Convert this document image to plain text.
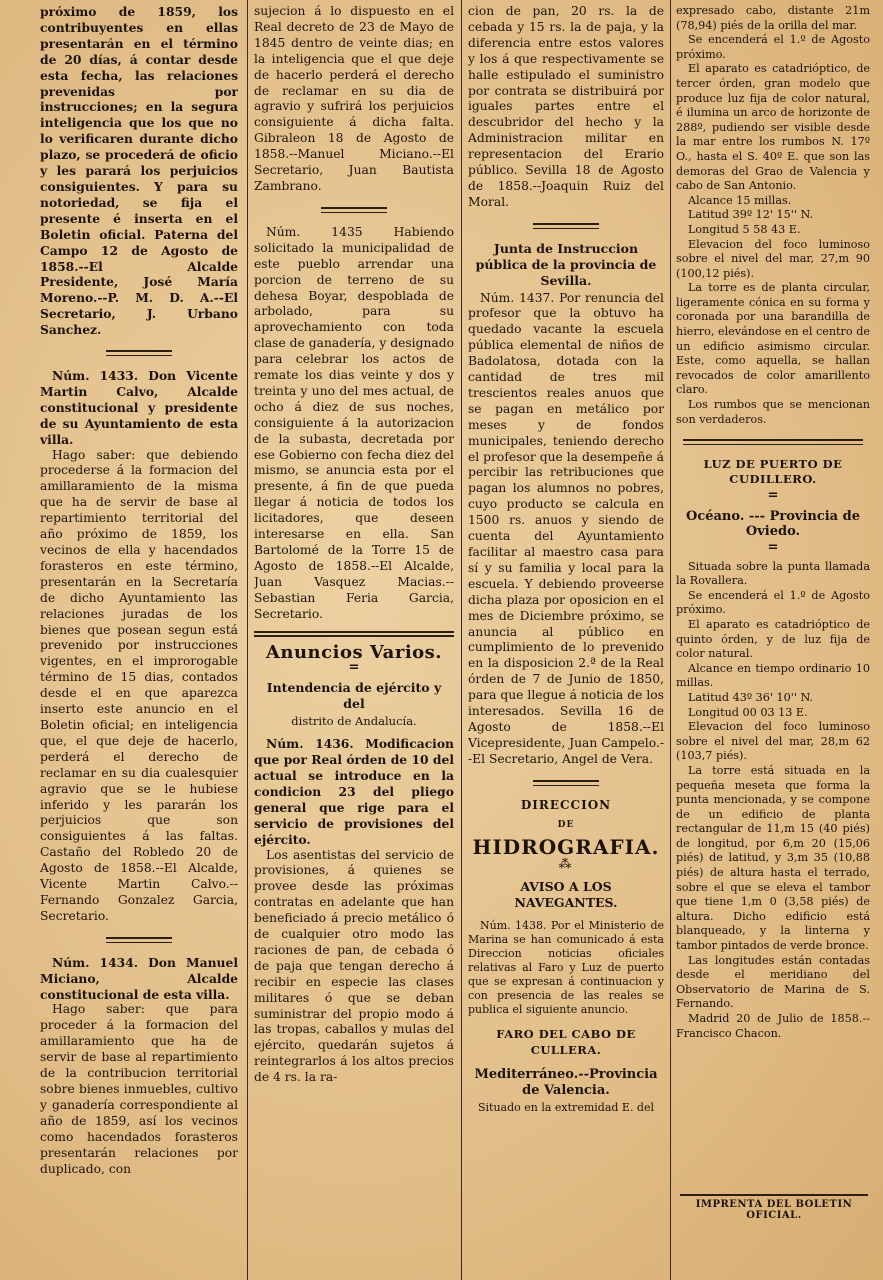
próximo de 1859, los contribuyentes en ellas presentarán en el término de 20 días, á contar desde esta fecha, las relaciones prevenidas por instrucciones; en la segura inteligencia que los que no lo verificaren durante dicho plazo, se procederá de oficio y les parará los perjuicios consiguientes. Y para su notoriedad, se fija el presente é inserta en el Boletin oficial. Paterna del Campo 12 de Agosto de 1858.--El Alcalde Presidente, José María Moreno.--P. M. D. A.--El Secretario, J. Urbano Sanchez.

Núm. 1433. Don Vicente Martin Calvo, Alcalde constitucional y presidente de su Ayuntamiento de esta villa.

Hago saber: que debiendo procederse á la formacion del amillaramiento de la misma que ha de servir de base al repartimiento territorial del año próximo de 1859, los vecinos de ella y hacendados forasteros en este término, presentarán en la Secretaría de dicho Ayuntamiento las relaciones juradas de los bienes que posean segun está prevenido por instrucciones vigentes, en el improrogable término de 15 dias, contados desde el en que aparezca inserto este anuncio en el Boletin oficial; en inteligencia que, el que deje de hacerlo, perderá el derecho de reclamar en su dia cualesquier agravio que se le hubiese inferido y les pararán los perjuicios que son consiguientes á las faltas. Castaño del Robledo 20 de Agosto de 1858.--El Alcalde, Vicente Martin Calvo.--Fernando Gonzalez Garcia, Secretario.

Núm. 1434. Don Manuel Miciano, Alcalde constitucional de esta villa.

Hago saber: que para proceder á la formacion del amillaramiento que ha de servir de base al repartimiento de la contribucion territorial sobre bienes inmuebles, cultivo y ganadería correspondiente al año de 1859, así los vecinos como hacendados forasteros presentarán relaciones por duplicado, con

sujecion á lo dispuesto en el Real decreto de 23 de Mayo de 1845 dentro de veinte dias; en la inteligencia que el que deje de hacerlo perderá el derecho de reclamar en su dia de agravio y sufrirá los perjuicios consiguiente á dicha falta. Gibraleon 18 de Agosto de 1858.--Manuel Miciano.--El Secretario, Juan Bautista Zambrano.

Núm. 1435 Habiendo solicitado la municipalidad de este pueblo arrendar una porcion de terreno de su dehesa Boyar, despoblada de arbolado, para su aprovechamiento con toda clase de ganadería, y designado para celebrar los actos de remate los dias veinte y dos y treinta y uno del mes actual, de ocho á diez de sus noches, consiguiente á la autorizacion de la subasta, decretada por ese Gobierno con fecha diez del mismo, se anuncia esta por el presente, á fin de que pueda llegar á noticia de todos los licitadores, que deseen interesarse en ella. San Bartolomé de la Torre 15 de Agosto de 1858.--El Alcalde, Juan Vasquez Macias.--Sebastian Feria Garcia, Secretario.

Anuncios Varios.
=
Intendencia de ejército y del
distrito de Andalucía.

Núm. 1436. Modificacion que por Real órden de 10 del actual se introduce en la condicion 23 del pliego general que rige para el servicio de provisiones del ejército.

Los asentistas del servicio de provisiones, á quienes se provee desde las próximas contratas en adelante que han beneficiado á precio metálico ó de cualquier otro modo las raciones de pan, de cebada ó de paja que tengan derecho á recibir en especie las clases militares ó que se deban suministrar del propio modo á las tropas, caballos y mulas del ejército, quedarán sujetos á reintegrarlos á los altos precios de 4 rs. la ra-

cion de pan, 20 rs. la de cebada y 15 rs. la de paja, y la diferencia entre estos valores y los á que respectivamente se halle estipulado el suministro por contrata se distribuirá por iguales partes entre el descubridor del hecho y la Administracion militar en representacion del Erario público. Sevilla 18 de Agosto de 1858.--Joaquin Ruiz del Moral.

Junta de Instruccion pública de la provincia de Sevilla.

Núm. 1437. Por renuncia del profesor que la obtuvo ha quedado vacante la escuela pública elemental de niños de Badolatosa, dotada con la cantidad de tres mil trescientos reales anuos que se pagan en metálico por meses y de fondos municipales, teniendo derecho el profesor que la desempeñe á percibir las retribuciones que pagan los alumnos no pobres, cuyo producto se calcula en 1500 rs. anuos y siendo de cuenta del Ayuntamiento facilitar al maestro casa para sí y su familia y local para la escuela. Y debiendo proveerse dicha plaza por oposicion en el mes de Diciembre próximo, se anuncia al público en cumplimiento de lo prevenido en la disposicion 2.ª de la Real órden de 7 de Junio de 1850, para que llegue á noticia de los interesados. Sevilla 16 de Agosto de 1858.--El Vicepresidente, Juan Campelo.--El Secretario, Angel de Vera.

DIRECCION
DE
HIDROGRAFIA.
⁂
AVISO A LOS NAVEGANTES.

Núm. 1438. Por el Ministerio de Marina se han comunicado á esta Direccion noticias oficiales relativas al Faro y Luz de puerto que se expresan á continuacion y con presencia de las reales se publica el siguiente anuncio.

FARO DEL CABO DE CULLERA.
Mediterráneo.--Provincia de Valencia.

Situado en la extremidad E. del

expresado cabo, distante 21m (78,94) piés de la orilla del mar.

Se encenderá el 1.º de Agosto próximo.

El aparato es catadrióptico, de tercer órden, gran modelo que produce luz fija de color natural, é ilumina un arco de horizonte de 288º, pudiendo ser visible desde la mar entre los rumbos N. 17º O., hasta el S. 40º E. que son las demoras del Grao de Valencia y cabo de San Antonio.

Alcance 15 millas.

Latitud 39º 12' 15'' N.

Longitud 5 58 43 E.

Elevacion del foco luminoso sobre el nivel del mar, 27,m 90 (100,12 piés).

La torre es de planta circular, ligeramente cónica en su forma y coronada por una barandilla de hierro, elevándose en el centro de un edificio asimismo circular. Este, como aquella, se hallan revocados de color amarillento claro.

Los rumbos que se mencionan son verdaderos.

LUZ DE PUERTO DE CUDILLERO.
=
Océano. --- Provincia de Oviedo.
=

Situada sobre la punta llamada la Rovallera.

Se encenderá el 1.º de Agosto próximo.

El aparato es catadrióptico de quinto órden, y de luz fija de color natural.

Alcance en tiempo ordinario 10 millas.

Latitud 43º 36' 10'' N.

Longitud 00 03 13 E.

Elevacion del foco luminoso sobre el nivel del mar, 28,m 62 (103,7 piés).

La torre está situada en la pequeña meseta que forma la punta mencionada, y se compone de un edificio de planta rectangular de 11,m 15 (40 piés) de longitud, por 6,m 20 (15,06 piés) de latitud, y 3,m 35 (10,88 piés) de altura hasta el terrado, sobre el que se eleva el tambor que tiene 1,m 0 (3,58 piés) de altura. Dicho edificio está blanqueado, y la linterna y tambor pintados de verde bronce.

Las longitudes están contadas desde el meridiano del Observatorio de Marina de S. Fernando.

Madrid 20 de Julio de 1858.--Francisco Chacon.

IMPRENTA DEL BOLETIN OFICIAL.
